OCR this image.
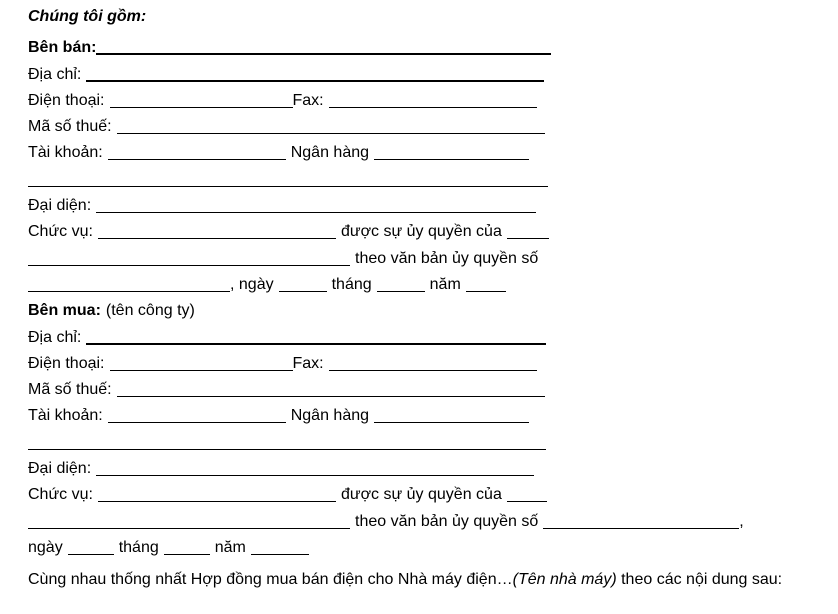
Chúng tôi gồm:
Bên bán:
Địa chỉ:
Điện thoại:	Fax:
Mã số thuế:
Tài khoản:	Ngân hàng
Đại diện:
Chức vụ:	được sự ủy quyền của
theo văn bản ủy quyền số
, ngày	tháng	năm
Bên mua: (tên công ty)
Địa chỉ:
Điện thoại:	Fax:
Mã số thuế:
Tài khoản:	Ngân hàng
Đại diện:
Chức vụ:	được sự ủy quyền của
theo văn bản ủy quyền số	,
ngày	tháng	năm
Cùng nhau thống nhất Hợp đồng mua bán điện cho Nhà máy điện…(Tên nhà máy) theo các nội dung sau:
